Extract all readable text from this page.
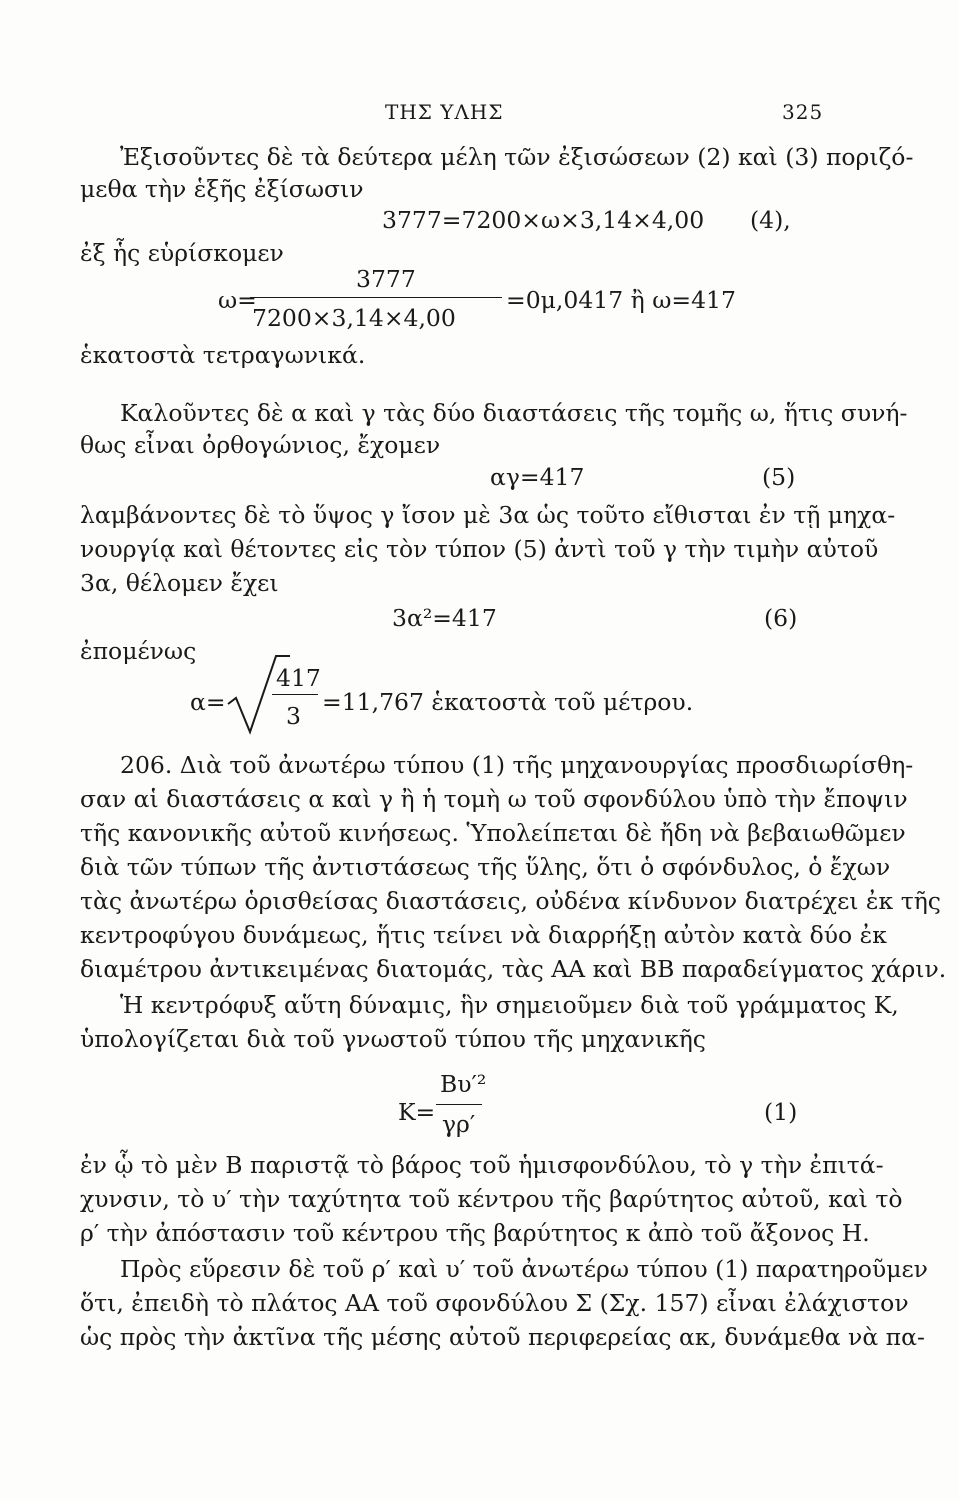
ΤΗΣ ΥΛΗΣ	325
Ἐξισοῦντες δὲ τὰ δεύτερα μέλη τῶν ἐξισώσεων (2) καὶ (3) ποριζό-
μεθα τὴν ἑξῆς ἐξίσωσιν
3777=7200×ω×3,14×4,00 (4),
ἐξ ἧς εὑρίσκομεν
ω=
3777
7200×3,14×4,00
=0μ,0417 ἢ ω=417
ἑκατοστὰ τετραγωνικά.
Καλοῦντες δὲ α καὶ γ τὰς δύο διαστάσεις τῆς τομῆς ω, ἥτις συνή-
θως εἶναι ὀρθογώνιος, ἔχομεν
αγ=417	(5)
λαμβάνοντες δὲ τὸ ὕψος γ ἴσον μὲ 3α ὡς τοῦτο εἴθισται ἐν τῇ μηχα-
νουργίᾳ καὶ θέτοντες εἰς τὸν τύπον (5) ἀντὶ τοῦ γ τὴν τιμὴν αὐτοῦ
3α, θέλομεν ἔχει
3α²=417	(6)
ἐπομένως
α=
417
3 =11,767 ἑκατοστὰ τοῦ μέτρου.
206. Διὰ τοῦ ἀνωτέρω τύπου (1) τῆς μηχανουργίας προσδιωρίσθη-
σαν αἱ διαστάσεις α καὶ γ ἢ ἡ τομὴ ω τοῦ σφονδύλου ὑπὸ τὴν ἔποψιν
τῆς κανονικῆς αὐτοῦ κινήσεως. Ὑπολείπεται δὲ ἤδη νὰ βεβαιωθῶμεν
διὰ τῶν τύπων τῆς ἀντιστάσεως τῆς ὕλης, ὅτι ὁ σφόνδυλος, ὁ ἔχων
τὰς ἀνωτέρω ὁρισθείσας διαστάσεις, οὐδένα κίνδυνον διατρέχει ἐκ τῆς
κεντροφύγου δυνάμεως, ἥτις τείνει νὰ διαρρήξῃ αὐτὸν κατὰ δύο ἐκ
διαμέτρου ἀντικειμένας διατομάς, τὰς AA καὶ BB παραδείγματος χάριν.
Ἡ κεντρόφυξ αὕτη δύναμις, ἣν σημειοῦμεν διὰ τοῦ γράμματος K,
ὑπολογίζεται διὰ τοῦ γνωστοῦ τύπου τῆς μηχανικῆς
K=
Bυ′²
γρ′	(1)
ἐν ᾧ τὸ μὲν B παριστᾷ τὸ βάρος τοῦ ἡμισφονδύλου, τὸ γ τὴν ἐπιτά-
χυνσιν, τὸ υ′ τὴν ταχύτητα τοῦ κέντρου τῆς βαρύτητος αὐτοῦ, καὶ τὸ
ρ′ τὴν ἀπόστασιν τοῦ κέντρου τῆς βαρύτητος κ ἀπὸ τοῦ ἄξονος H.
Πρὸς εὕρεσιν δὲ τοῦ ρ′ καὶ υ′ τοῦ ἀνωτέρω τύπου (1) παρατηροῦμεν
ὅτι, ἐπειδὴ τὸ πλάτος AA τοῦ σφονδύλου Σ (Σχ. 157) εἶναι ἐλάχιστον
ὡς πρὸς τὴν ἀκτῖνα τῆς μέσης αὐτοῦ περιφερείας ακ, δυνάμεθα νὰ πα-
